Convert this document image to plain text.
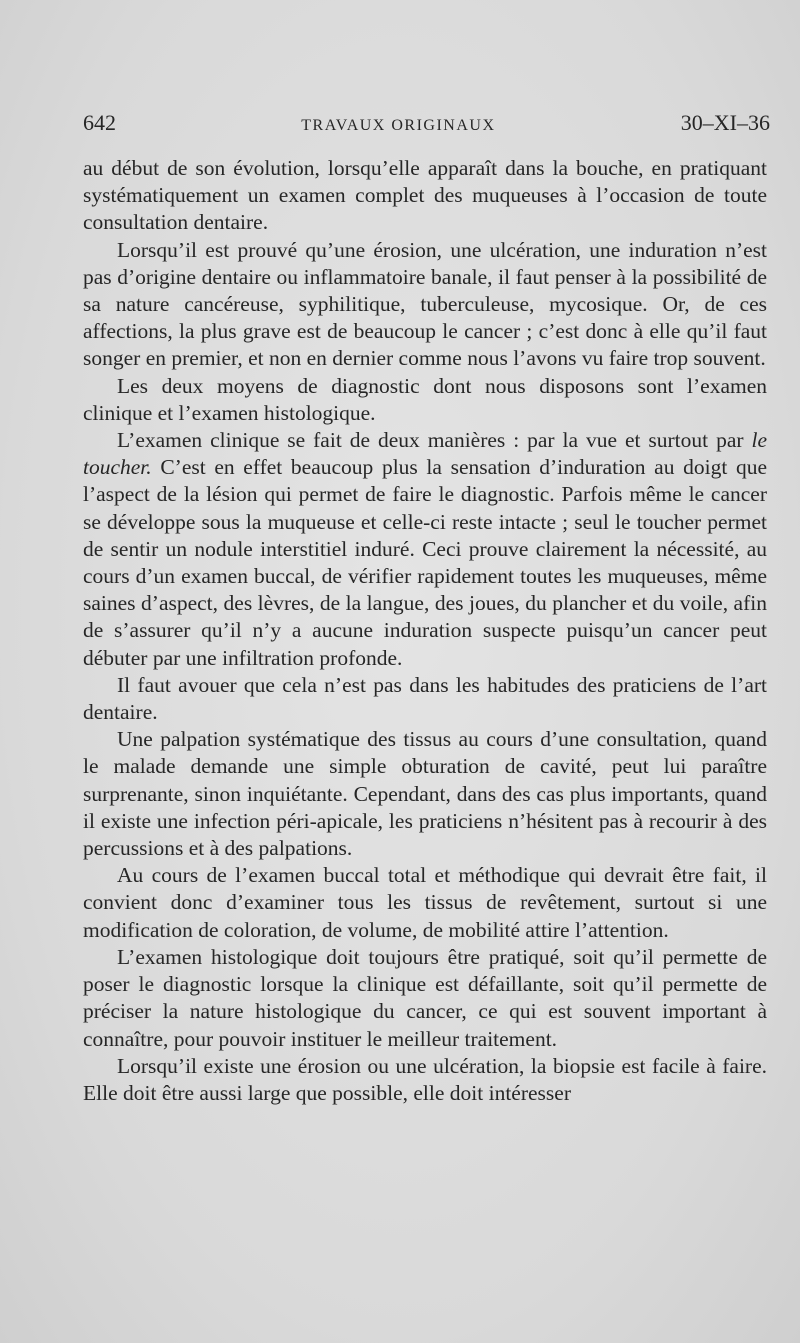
642	TRAVAUX ORIGINAUX	30–XI–36

au début de son évolution, lorsqu’elle apparaît dans la bouche, en pratiquant systématiquement un examen complet des muqueuses à l’occasion de toute consultation dentaire.

Lorsqu’il est prouvé qu’une érosion, une ulcération, une induration n’est pas d’origine dentaire ou inflammatoire banale, il faut penser à la possibilité de sa nature cancéreuse, syphilitique, tuberculeuse, mycosique. Or, de ces affections, la plus grave est de beaucoup le cancer ; c’est donc à elle qu’il faut songer en premier, et non en dernier comme nous l’avons vu faire trop souvent.

Les deux moyens de diagnostic dont nous disposons sont l’examen clinique et l’examen histologique.

L’examen clinique se fait de deux manières : par la vue et surtout par le toucher. C’est en effet beaucoup plus la sensation d’induration au doigt que l’aspect de la lésion qui permet de faire le diagnostic. Parfois même le cancer se développe sous la muqueuse et celle-ci reste intacte ; seul le toucher permet de sentir un nodule interstitiel induré. Ceci prouve clairement la nécessité, au cours d’un examen buccal, de vérifier rapidement toutes les muqueuses, même saines d’aspect, des lèvres, de la langue, des joues, du plancher et du voile, afin de s’assurer qu’il n’y a aucune induration suspecte puisqu’un cancer peut débuter par une infiltration profonde.

Il faut avouer que cela n’est pas dans les habitudes des praticiens de l’art dentaire.

Une palpation systématique des tissus au cours d’une consultation, quand le malade demande une simple obturation de cavité, peut lui paraître surprenante, sinon inquiétante. Cependant, dans des cas plus importants, quand il existe une infection péri-apicale, les praticiens n’hésitent pas à recourir à des percussions et à des palpations.

Au cours de l’examen buccal total et méthodique qui devrait être fait, il convient donc d’examiner tous les tissus de revêtement, surtout si une modification de coloration, de volume, de mobilité attire l’attention.

L’examen histologique doit toujours être pratiqué, soit qu’il permette de poser le diagnostic lorsque la clinique est défaillante, soit qu’il permette de préciser la nature histologique du cancer, ce qui est souvent important à connaître, pour pouvoir instituer le meilleur traitement.

Lorsqu’il existe une érosion ou une ulcération, la biopsie est facile à faire. Elle doit être aussi large que possible, elle doit intéresser
